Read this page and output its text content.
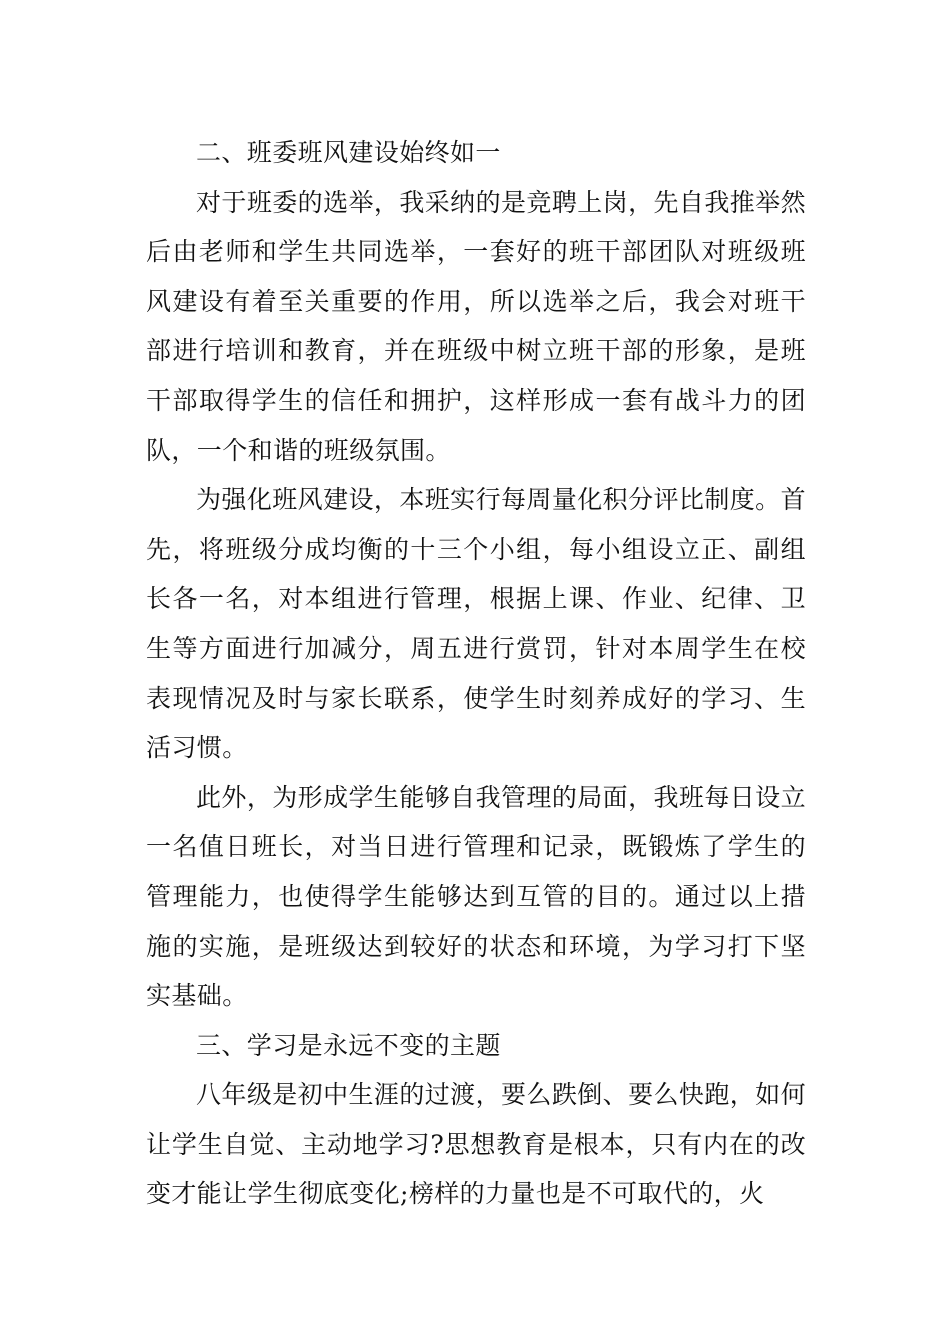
二、班委班风建设始终如一

对于班委的选举，我采纳的是竞聘上岗，先自我推举然后由老师和学生共同选举，一套好的班干部团队对班级班风建设有着至关重要的作用，所以选举之后，我会对班干部进行培训和教育，并在班级中树立班干部的形象，是班干部取得学生的信任和拥护，这样形成一套有战斗力的团队，一个和谐的班级氛围。

为强化班风建设，本班实行每周量化积分评比制度。首先，将班级分成均衡的十三个小组，每小组设立正、副组长各一名，对本组进行管理，根据上课、作业、纪律、卫生等方面进行加减分，周五进行赏罚，针对本周学生在校表现情况及时与家长联系，使学生时刻养成好的学习、生活习惯。

此外，为形成学生能够自我管理的局面，我班每日设立一名值日班长，对当日进行管理和记录，既锻炼了学生的管理能力，也使得学生能够达到互管的目的。通过以上措施的实施，是班级达到较好的状态和环境，为学习打下坚实基础。

三、学习是永远不变的主题

八年级是初中生涯的过渡，要么跌倒、要么快跑，如何让学生自觉、主动地学习?思想教育是根本，只有内在的改变才能让学生彻底变化;榜样的力量也是不可取代的，火
